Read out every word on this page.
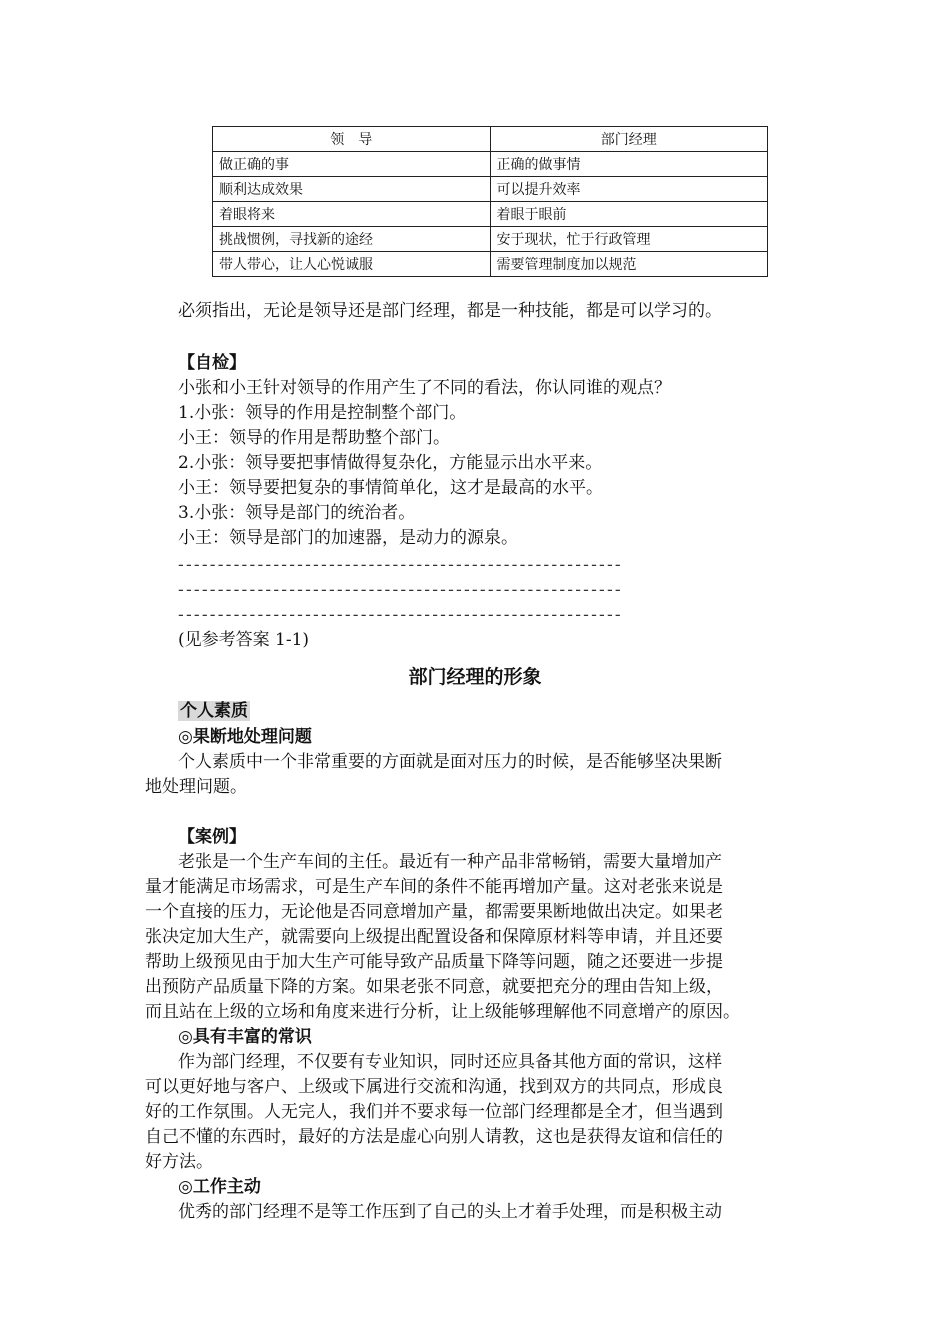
领　导	部门经理
做正确的事	正确的做事情
顺利达成效果	可以提升效率
着眼将来	着眼于眼前
挑战惯例，寻找新的途经	安于现状，忙于行政管理
带人带心，让人心悦诚服	需要管理制度加以规范
必须指出，无论是领导还是部门经理，都是一种技能，都是可以学习的。
【自检】
小张和小王针对领导的作用产生了不同的看法，你认同谁的观点？
1.小张：领导的作用是控制整个部门。
小王：领导的作用是帮助整个部门。
2.小张：领导要把事情做得复杂化，方能显示出水平来。
小王：领导要把复杂的事情简单化，这才是最高的水平。
3.小张：领导是部门的统治者。
小王：领导是部门的加速器，是动力的源泉。
--------------------------------------------------------
--------------------------------------------------------
--------------------------------------------------------
(见参考答案 1-1)
部门经理的形象
个人素质
◎果断地处理问题
个人素质中一个非常重要的方面就是面对压力的时候，是否能够坚决果断
地处理问题。
【案例】
老张是一个生产车间的主任。最近有一种产品非常畅销，需要大量增加产
量才能满足市场需求，可是生产车间的条件不能再增加产量。这对老张来说是
一个直接的压力，无论他是否同意增加产量，都需要果断地做出决定。如果老
张决定加大生产，就需要向上级提出配置设备和保障原材料等申请，并且还要
帮助上级预见由于加大生产可能导致产品质量下降等问题，随之还要进一步提
出预防产品质量下降的方案。如果老张不同意，就要把充分的理由告知上级，
而且站在上级的立场和角度来进行分析，让上级能够理解他不同意增产的原因。
◎具有丰富的常识
作为部门经理，不仅要有专业知识，同时还应具备其他方面的常识，这样
可以更好地与客户、上级或下属进行交流和沟通，找到双方的共同点，形成良
好的工作氛围。人无完人，我们并不要求每一位部门经理都是全才，但当遇到
自己不懂的东西时，最好的方法是虚心向别人请教，这也是获得友谊和信任的
好方法。
◎工作主动
优秀的部门经理不是等工作压到了自己的头上才着手处理，而是积极主动
